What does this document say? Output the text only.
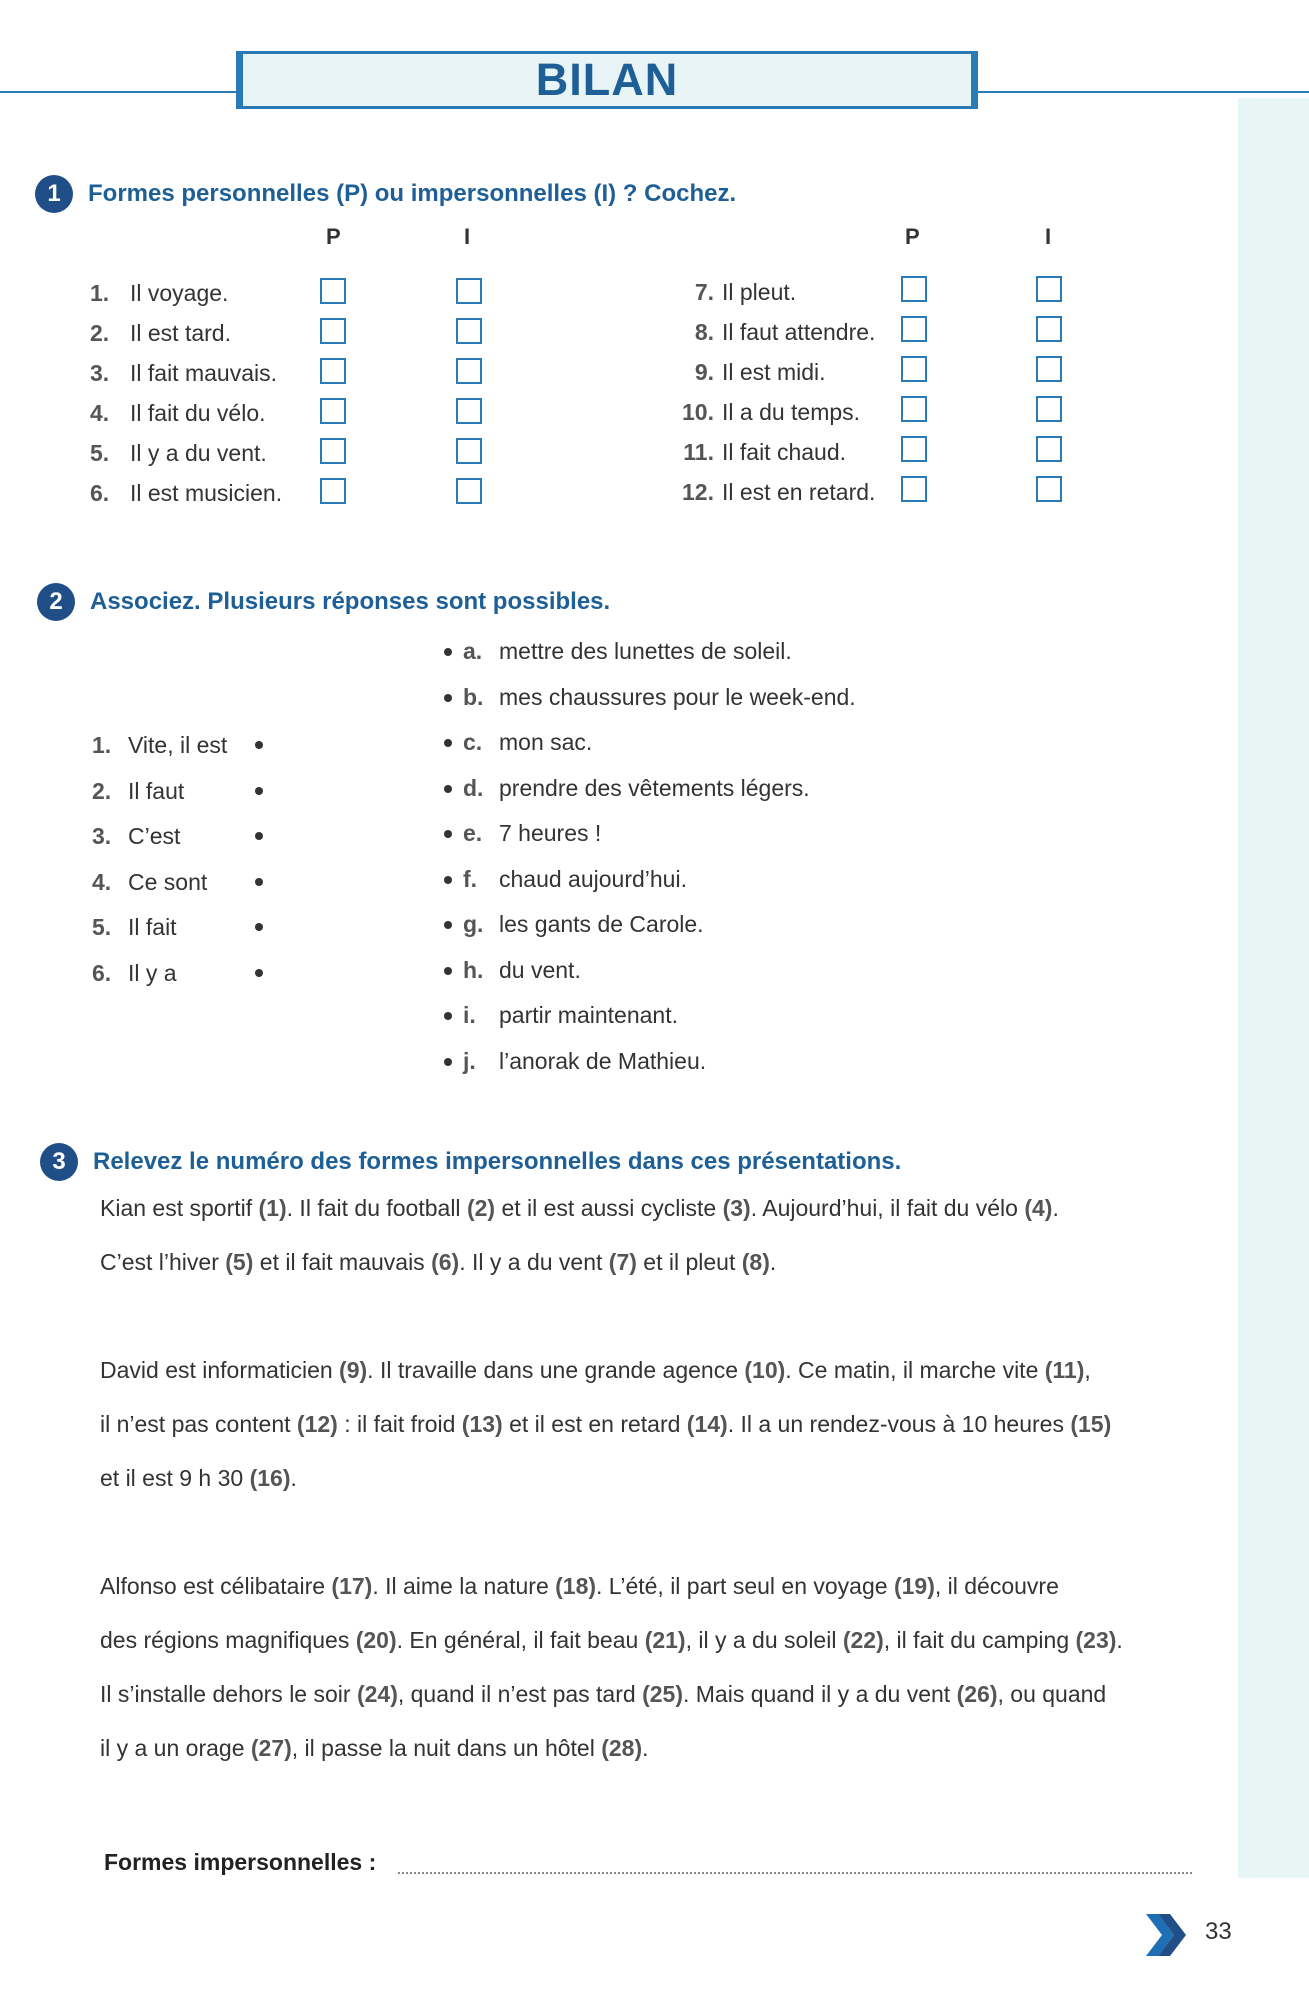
BILAN
1	Formes personnelles (P) ou impersonnelles (I) ? Cochez.
P	I	P	I
1. Il voyage.
2. Il est tard.
3. Il fait mauvais.
4. Il fait du vélo.
5. Il y a du vent.
6. Il est musicien.
7. Il pleut.
8. Il faut attendre.
9. Il est midi.
10. Il a du temps.
11. Il fait chaud.
12. Il est en retard.
2	Associez. Plusieurs réponses sont possibles.
1. Vite, il est
2. Il faut
3. C’est
4. Ce sont
5. Il fait
6. Il y a
a. mettre des lunettes de soleil.
b. mes chaussures pour le week-end.
c. mon sac.
d. prendre des vêtements légers.
e. 7 heures !
f. chaud aujourd’hui.
g. les gants de Carole.
h. du vent.
i. partir maintenant.
j. l’anorak de Mathieu.
3	Relevez le numéro des formes impersonnelles dans ces présentations.
Kian est sportif (1). Il fait du football (2) et il est aussi cycliste (3). Aujourd’hui, il fait du vélo (4).
C’est l’hiver (5) et il fait mauvais (6). Il y a du vent (7) et il pleut (8).
David est informaticien (9). Il travaille dans une grande agence (10). Ce matin, il marche vite (11),
il n’est pas content (12) : il fait froid (13) et il est en retard (14). Il a un rendez-vous à 10 heures (15)
et il est 9 h 30 (16).
Alfonso est célibataire (17). Il aime la nature (18). L’été, il part seul en voyage (19), il découvre
des régions magnifiques (20). En général, il fait beau (21), il y a du soleil (22), il fait du camping (23).
Il s’installe dehors le soir (24), quand il n’est pas tard (25). Mais quand il y a du vent (26), ou quand
il y a un orage (27), il passe la nuit dans un hôtel (28).
Formes impersonnelles :
33
